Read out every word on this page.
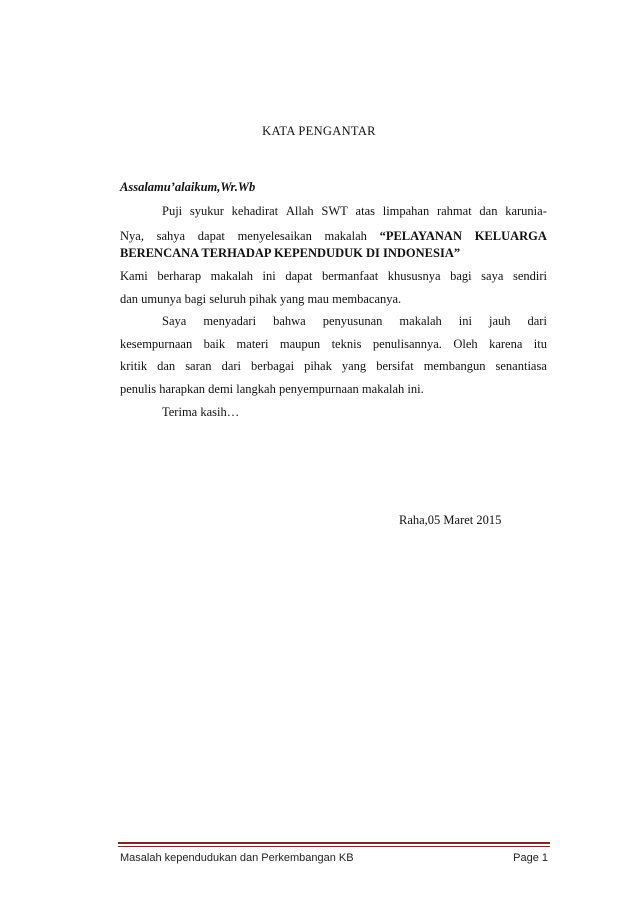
KATA PENGANTAR
Assalamu’alaikum,Wr.Wb
Puji syukur kehadirat Allah SWT atas limpahan rahmat dan karunia-
Nya, sahya dapat menyelesaikan makalah “PELAYANAN KELUARGA
BERENCANA TERHADAP KEPENDUDUK DI INDONESIA”
Kami berharap makalah ini dapat bermanfaat khususnya bagi saya sendiri
dan umunya bagi seluruh pihak yang mau membacanya.
Saya menyadari bahwa penyusunan makalah ini jauh dari
kesempurnaan baik materi maupun teknis penulisannya. Oleh karena itu
kritik dan saran dari berbagai pihak yang bersifat membangun senantiasa
penulis harapkan demi langkah penyempurnaan makalah ini.
Terima kasih…
Raha,05 Maret 2015
Masalah kependudukan dan Perkembangan KB	Page 1
